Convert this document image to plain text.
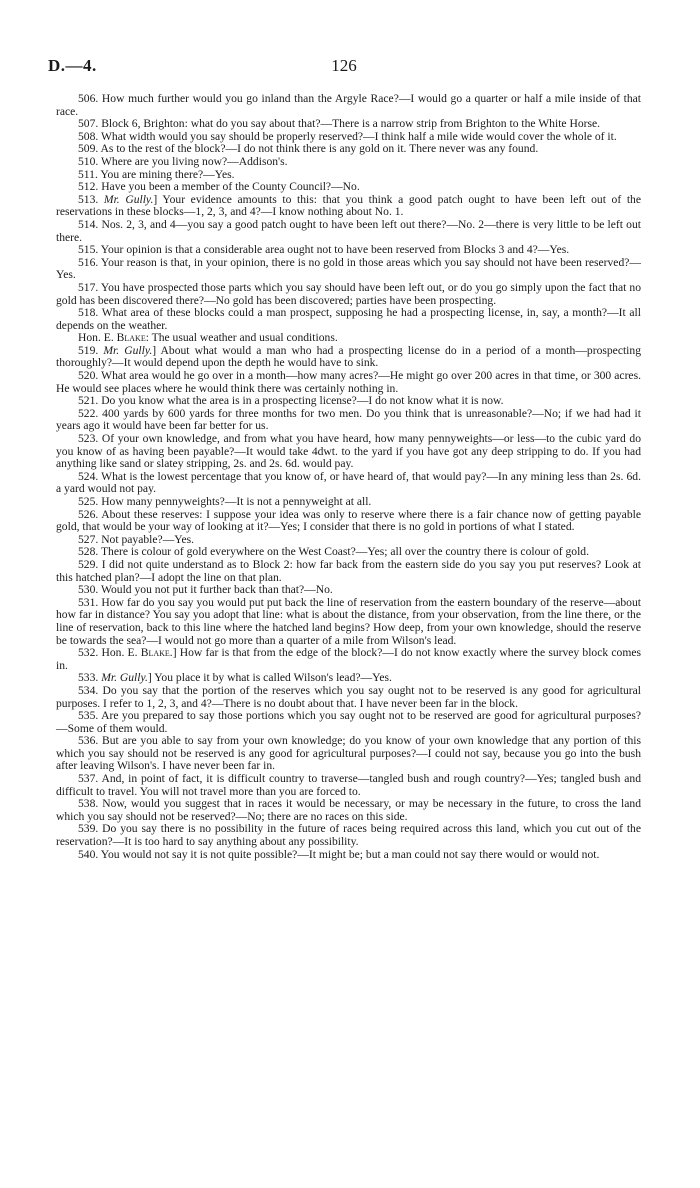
D.—4.	126

506. How much further would you go inland than the Argyle Race?—I would go a quarter or half a mile inside of that race.

507. Block 6, Brighton: what do you say about that?—There is a narrow strip from Brighton to the White Horse.

508. What width would you say should be properly reserved?—I think half a mile wide would cover the whole of it.

509. As to the rest of the block?—I do not think there is any gold on it. There never was any found.

510. Where are you living now?—Addison's.

511. You are mining there?—Yes.

512. Have you been a member of the County Council?—No.

513. Mr. Gully.] Your evidence amounts to this: that you think a good patch ought to have been left out of the reservations in these blocks—1, 2, 3, and 4?—I know nothing about No. 1.

514. Nos. 2, 3, and 4—you say a good patch ought to have been left out there?—No. 2—there is very little to be left out there.

515. Your opinion is that a considerable area ought not to have been reserved from Blocks 3 and 4?—Yes.

516. Your reason is that, in your opinion, there is no gold in those areas which you say should not have been reserved?—Yes.

517. You have prospected those parts which you say should have been left out, or do you go simply upon the fact that no gold has been discovered there?—No gold has been discovered; parties have been prospecting.

518. What area of these blocks could a man prospect, supposing he had a prospecting license, in, say, a month?—It all depends on the weather.

Hon. E. Blake: The usual weather and usual conditions.

519. Mr. Gully.] About what would a man who had a prospecting license do in a period of a month—prospecting thoroughly?—It would depend upon the depth he would have to sink.

520. What area would he go over in a month—how many acres?—He might go over 200 acres in that time, or 300 acres. He would see places where he would think there was certainly nothing in.

521. Do you know what the area is in a prospecting license?—I do not know what it is now.

522. 400 yards by 600 yards for three months for two men. Do you think that is unreasonable?—No; if we had had it years ago it would have been far better for us.

523. Of your own knowledge, and from what you have heard, how many pennyweights—or less—to the cubic yard do you know of as having been payable?—It would take 4dwt. to the yard if you have got any deep stripping to do. If you had anything like sand or slatey stripping, 2s. and 2s. 6d. would pay.

524. What is the lowest percentage that you know of, or have heard of, that would pay?—In any mining less than 2s. 6d. a yard would not pay.

525. How many pennyweights?—It is not a pennyweight at all.

526. About these reserves: I suppose your idea was only to reserve where there is a fair chance now of getting payable gold, that would be your way of looking at it?—Yes; I consider that there is no gold in portions of what I stated.

527. Not payable?—Yes.

528. There is colour of gold everywhere on the West Coast?—Yes; all over the country there is colour of gold.

529. I did not quite understand as to Block 2: how far back from the eastern side do you say you put reserves? Look at this hatched plan?—I adopt the line on that plan.

530. Would you not put it further back than that?—No.

531. How far do you say you would put put back the line of reservation from the eastern boundary of the reserve—about how far in distance? You say you adopt that line: what is about the distance, from your observation, from the line there, or the line of reservation, back to this line where the hatched land begins? How deep, from your own knowledge, should the reserve be towards the sea?—I would not go more than a quarter of a mile from Wilson's lead.

532. Hon. E. Blake.] How far is that from the edge of the block?—I do not know exactly where the survey block comes in.

533. Mr. Gully.] You place it by what is called Wilson's lead?—Yes.

534. Do you say that the portion of the reserves which you say ought not to be reserved is any good for agricultural purposes. I refer to 1, 2, 3, and 4?—There is no doubt about that. I have never been far in the block.

535. Are you prepared to say those portions which you say ought not to be reserved are good for agricultural purposes?—Some of them would.

536. But are you able to say from your own knowledge; do you know of your own knowledge that any portion of this which you say should not be reserved is any good for agricultural purposes?—I could not say, because you go into the bush after leaving Wilson's. I have never been far in.

537. And, in point of fact, it is difficult country to traverse—tangled bush and rough country?—Yes; tangled bush and difficult to travel. You will not travel more than you are forced to.

538. Now, would you suggest that in races it would be necessary, or may be necessary in the future, to cross the land which you say should not be reserved?—No; there are no races on this side.

539. Do you say there is no possibility in the future of races being required across this land, which you cut out of the reservation?—It is too hard to say anything about any possibility.

540. You would not say it is not quite possible?—It might be; but a man could not say there would or would not.
